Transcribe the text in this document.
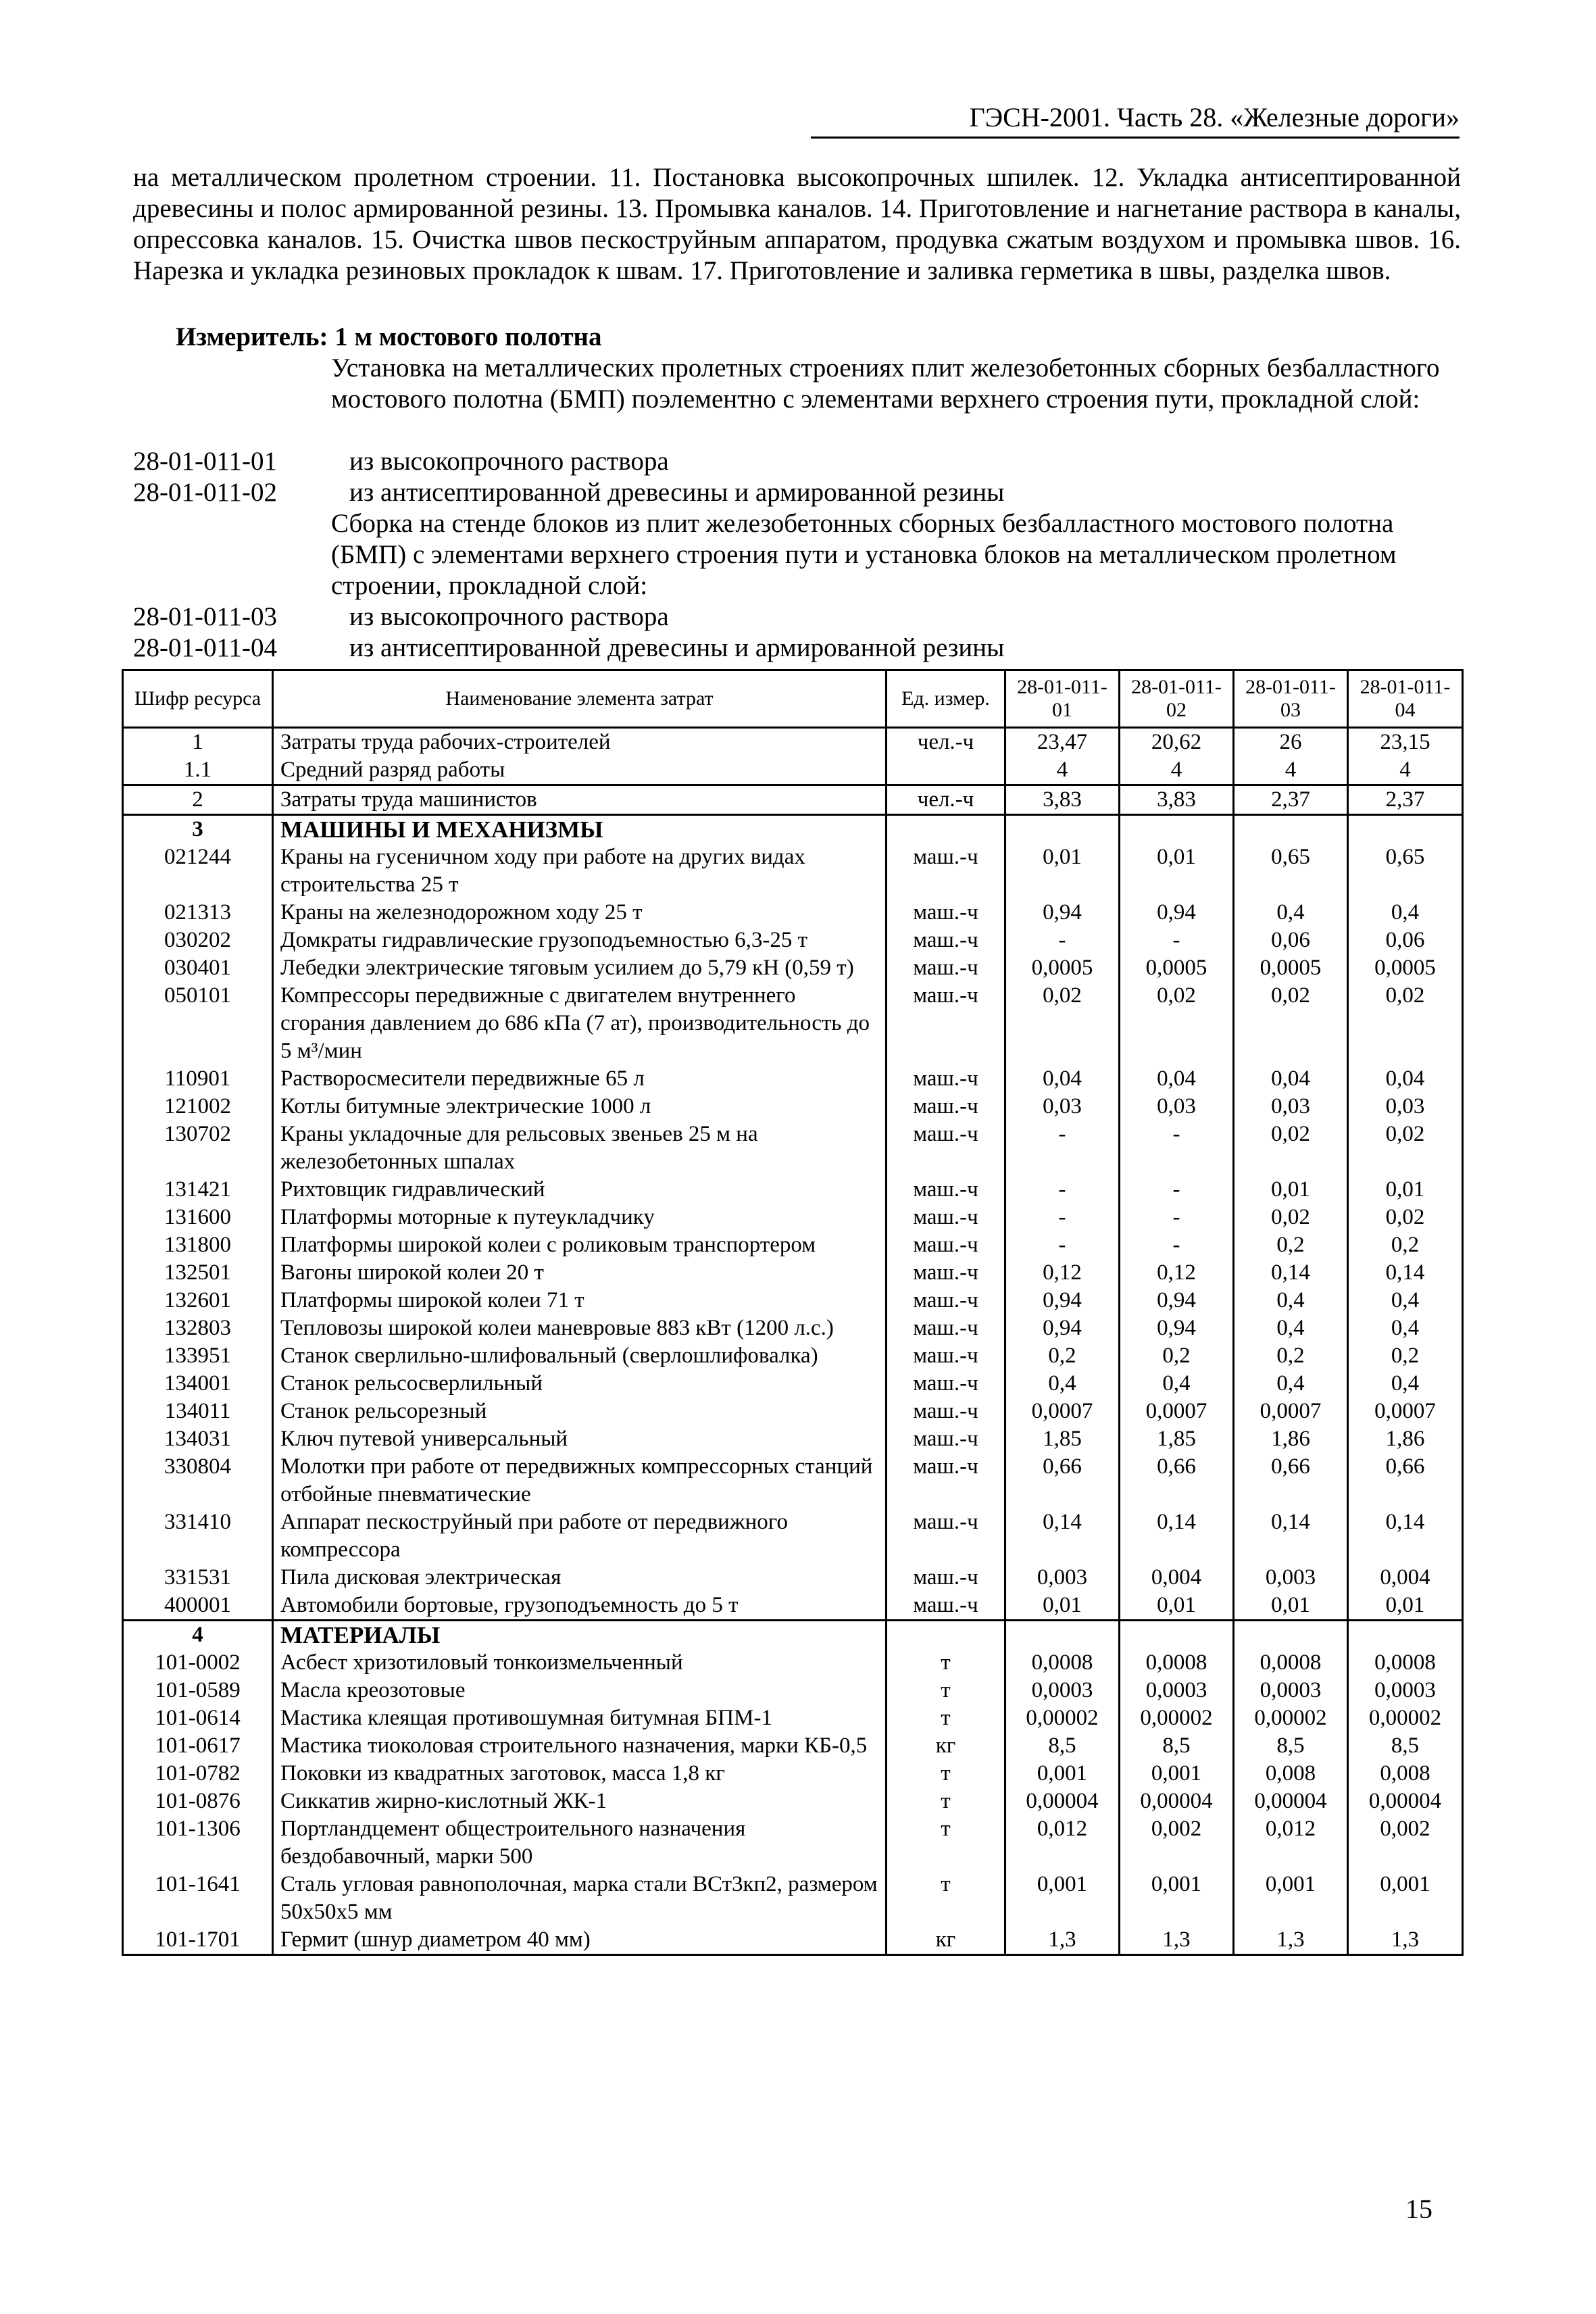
ГЭСН-2001. Часть 28. «Железные дороги»
на металлическом пролетном строении. 11. Постановка высокопрочных шпилек. 12. Укладка антисептированной древесины и полос армированной резины. 13. Промывка каналов. 14. Приготовление и нагнетание раствора в каналы, опрессовка каналов. 15. Очистка швов пескоструйным аппаратом, продувка сжатым воздухом и промывка швов. 16. Нарезка и укладка резиновых прокладок к швам. 17. Приготовление и заливка герметика в швы, разделка швов.
Измеритель: 1 м мостового полотна
Установка на металлических пролетных строениях плит железобетонных сборных безбалластного мостового полотна (БМП) поэлементно с элементами верхнего строения пути, прокладной слой:
28-01-011-01	из высокопрочного раствора
28-01-011-02	из антисептированной древесины и армированной резины
Сборка на стенде блоков из плит железобетонных сборных безбалластного мостового полотна (БМП) с элементами верхнего строения пути и установка блоков на металлическом пролетном строении, прокладной слой:
28-01-011-03	из высокопрочного раствора
28-01-011-04	из антисептированной древесины и армированной резины
Шифр ресурса	Наименование элемента затрат	Ед. измер.	28-01-011-01	28-01-011-02	28-01-011-03	28-01-011-04
1	Затраты труда рабочих-строителей	чел.-ч	23,47	20,62	26	23,15
1.1	Средний разряд работы		4	4	4	4
2	Затраты труда машинистов	чел.-ч	3,83	3,83	2,37	2,37
3	МАШИНЫ И МЕХАНИЗМЫ					
021244	Краны на гусеничном ходу при работе на других видах строительства 25 т	маш.-ч	0,01	0,01	0,65	0,65
021313	Краны на железнодорожном ходу 25 т	маш.-ч	0,94	0,94	0,4	0,4
030202	Домкраты гидравлические грузоподъемностью 6,3-25 т	маш.-ч	-	-	0,06	0,06
030401	Лебедки электрические тяговым усилием до 5,79 кН (0,59 т)	маш.-ч	0,0005	0,0005	0,0005	0,0005
050101	Компрессоры передвижные с двигателем внутреннего сгорания давлением до 686 кПа (7 ат), производительность до 5 м³/мин	маш.-ч	0,02	0,02	0,02	0,02
110901	Растворосмесители передвижные 65 л	маш.-ч	0,04	0,04	0,04	0,04
121002	Котлы битумные электрические 1000 л	маш.-ч	0,03	0,03	0,03	0,03
130702	Краны укладочные для рельсовых звеньев 25 м на железобетонных шпалах	маш.-ч	-	-	0,02	0,02
131421	Рихтовщик гидравлический	маш.-ч	-	-	0,01	0,01
131600	Платформы моторные к путеукладчику	маш.-ч	-	-	0,02	0,02
131800	Платформы широкой колеи с роликовым транспортером	маш.-ч	-	-	0,2	0,2
132501	Вагоны широкой колеи 20 т	маш.-ч	0,12	0,12	0,14	0,14
132601	Платформы широкой колеи 71 т	маш.-ч	0,94	0,94	0,4	0,4
132803	Тепловозы широкой колеи маневровые 883 кВт (1200 л.с.)	маш.-ч	0,94	0,94	0,4	0,4
133951	Станок сверлильно-шлифовальный (сверлошлифовалка)	маш.-ч	0,2	0,2	0,2	0,2
134001	Станок рельсосверлильный	маш.-ч	0,4	0,4	0,4	0,4
134011	Станок рельсорезный	маш.-ч	0,0007	0,0007	0,0007	0,0007
134031	Ключ путевой универсальный	маш.-ч	1,85	1,85	1,86	1,86
330804	Молотки при работе от передвижных компрессорных станций отбойные пневматические	маш.-ч	0,66	0,66	0,66	0,66
331410	Аппарат пескоструйный при работе от передвижного компрессора	маш.-ч	0,14	0,14	0,14	0,14
331531	Пила дисковая электрическая	маш.-ч	0,003	0,004	0,003	0,004
400001	Автомобили бортовые, грузоподъемность до 5 т	маш.-ч	0,01	0,01	0,01	0,01
4	МАТЕРИАЛЫ					
101-0002	Асбест хризотиловый тонкоизмельченный	т	0,0008	0,0008	0,0008	0,0008
101-0589	Масла креозотовые	т	0,0003	0,0003	0,0003	0,0003
101-0614	Мастика клеящая противошумная битумная БПМ-1	т	0,00002	0,00002	0,00002	0,00002
101-0617	Мастика тиоколовая строительного назначения, марки КБ-0,5	кг	8,5	8,5	8,5	8,5
101-0782	Поковки из квадратных заготовок, масса 1,8 кг	т	0,001	0,001	0,008	0,008
101-0876	Сиккатив жирно-кислотный ЖК-1	т	0,00004	0,00004	0,00004	0,00004
101-1306	Портландцемент общестроительного назначения бездобавочный, марки 500	т	0,012	0,002	0,012	0,002
101-1641	Сталь угловая равнополочная, марка стали ВСт3кп2, размером 50х50х5 мм	т	0,001	0,001	0,001	0,001
101-1701	Гермит (шнур диаметром 40 мм)	кг	1,3	1,3	1,3	1,3
15
